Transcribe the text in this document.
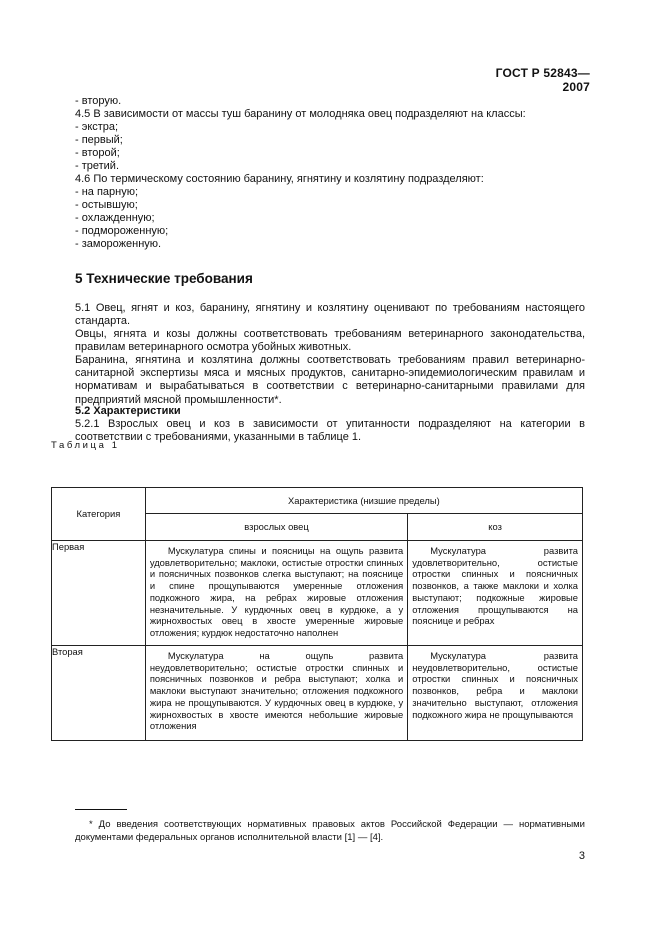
ГОСТ Р 52843—2007
- вторую.
4.5 В зависимости от массы туш баранину от молодняка овец подразделяют на классы:
- экстра;
- первый;
- второй;
- третий.
4.6 По термическому состоянию баранину, ягнятину и козлятину подразделяют:
- на парную;
- остывшую;
- охлажденную;
- подмороженную;
- замороженную.
5 Технические требования
5.1 Овец, ягнят и коз, баранину, ягнятину и козлятину оценивают по требованиям настоящего стандарта.
Овцы, ягнята и козы должны соответствовать требованиям ветеринарного законодательства, правилам ветеринарного осмотра убойных животных.
Баранина, ягнятина и козлятина должны соответствовать требованиям правил ветеринарно-санитарной экспертизы мяса и мясных продуктов, санитарно-эпидемиологическим правилам и нормативам и вырабатываться в соответствии с ветеринарно-санитарными правилами для предприятий мясной промышленности*.
5.2 Характеристики
5.2.1 Взрослых овец и коз в зависимости от упитанности подразделяют на категории в соответствии с требованиями, указанными в таблице 1.
Таблица 1
Категория	Характеристика (низшие пределы)	
	взрослых овец	коз
Первая	Мускулатура спины и поясницы на ощупь развита удовлетворительно; маклоки, остистые отростки спинных и поясничных позвонков слегка выступают; на пояснице и спине прощупываются умеренные отложения подкожного жира, на ребрах жировые отложения незначительные. У курдючных овец в курдюке, а у жирнохвостых овец в хвосте умеренные жировые отложения; курдюк недостаточно наполнен	Мускулатура развита удовлетворительно, остистые отростки спинных и поясничных позвонков, а также маклоки и холка выступают; подкожные жировые отложения прощупываются на пояснице и ребрах

Вторая	Мускулатура на ощупь развита неудовлетворительно; остистые отростки спинных и поясничных позвонков и ребра выступают; холка и маклоки выступают значительно; отложения подкожного жира не прощупываются. У курдючных овец в курдюке, у жирнохвостых в хвосте имеются небольшие жировые отложения	Мускулатура развита неудовлетворительно, остистые отростки спинных и поясничных позвонков, ребра и маклоки значительно выступают, отложения подкожного жира не прощупываются
* До введения соответствующих нормативных правовых актов Российской Федерации — нормативными документами федеральных органов исполнительной власти [1] — [4].
3
